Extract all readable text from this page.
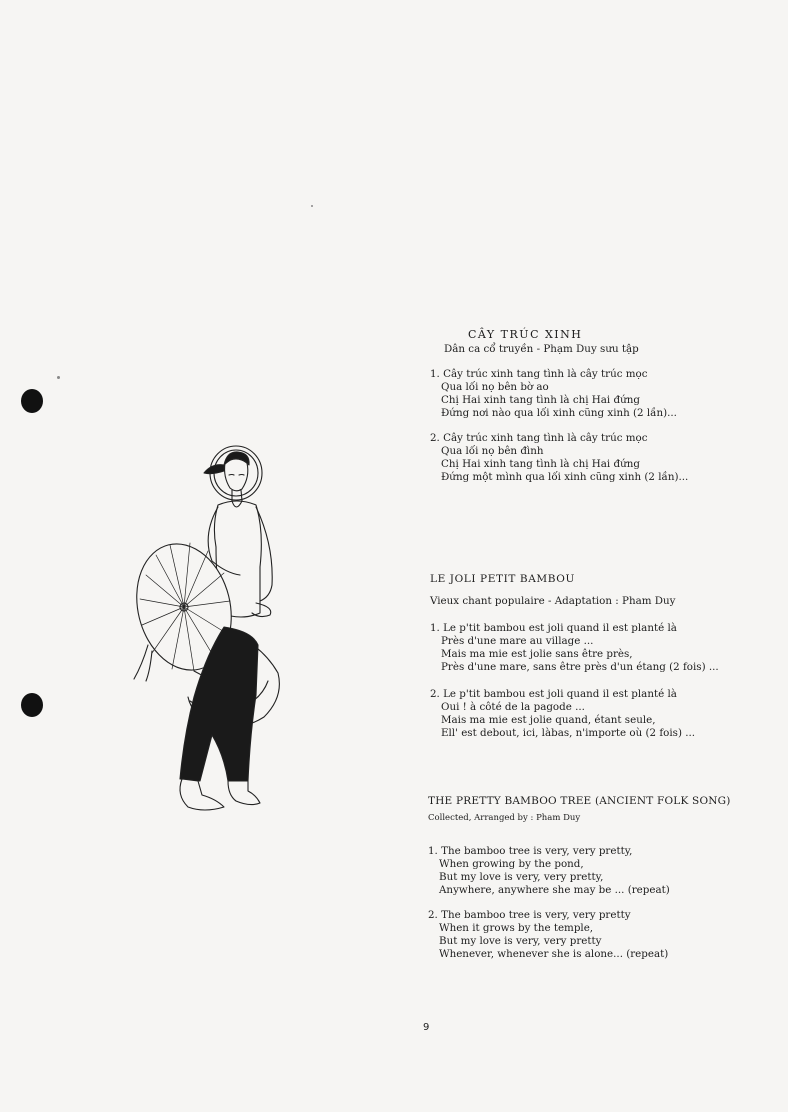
CÂY TRÚC XINH
Dân ca cổ truyền - Phạm Duy sưu tập
1. Cây trúc xinh tang tình là cây trúc mọc
Qua lối nọ bên bờ ao
Chị Hai xinh tang tình là chị Hai đứng
Đứng nơi nào qua lối xinh cũng xinh (2 lần)...
2. Cây trúc xinh tang tình là cây trúc mọc
Qua lối nọ bên đình
Chị Hai xinh tang tình là chị Hai đứng
Đứng một mình qua lối xinh cũng xinh (2 lần)...
LE JOLI PETIT BAMBOU
Vieux chant populaire - Adaptation : Pham Duy
1. Le p'tit bambou est joli quand il est planté là
Près d'une mare au village ...
Mais ma mie est jolie sans être près,
Près d'une mare, sans être près d'un étang (2 fois) ...
2. Le p'tit bambou est joli quand il est planté là
Oui ! à côté de la pagode ...
Mais ma mie est jolie quand, étant seule,
Ell' est debout, ici, làbas, n'importe où (2 fois) ...
THE PRETTY BAMBOO TREE (ANCIENT FOLK SONG)
Collected, Arranged by : Pham Duy
1. The bamboo tree is very, very pretty,
When growing by the pond,
But my love is very, very pretty,
Anywhere, anywhere she may be ... (repeat)
2. The bamboo tree is very, very pretty
When it grows by the temple,
But my love is very, very pretty
Whenever, whenever she is alone... (repeat)
9
